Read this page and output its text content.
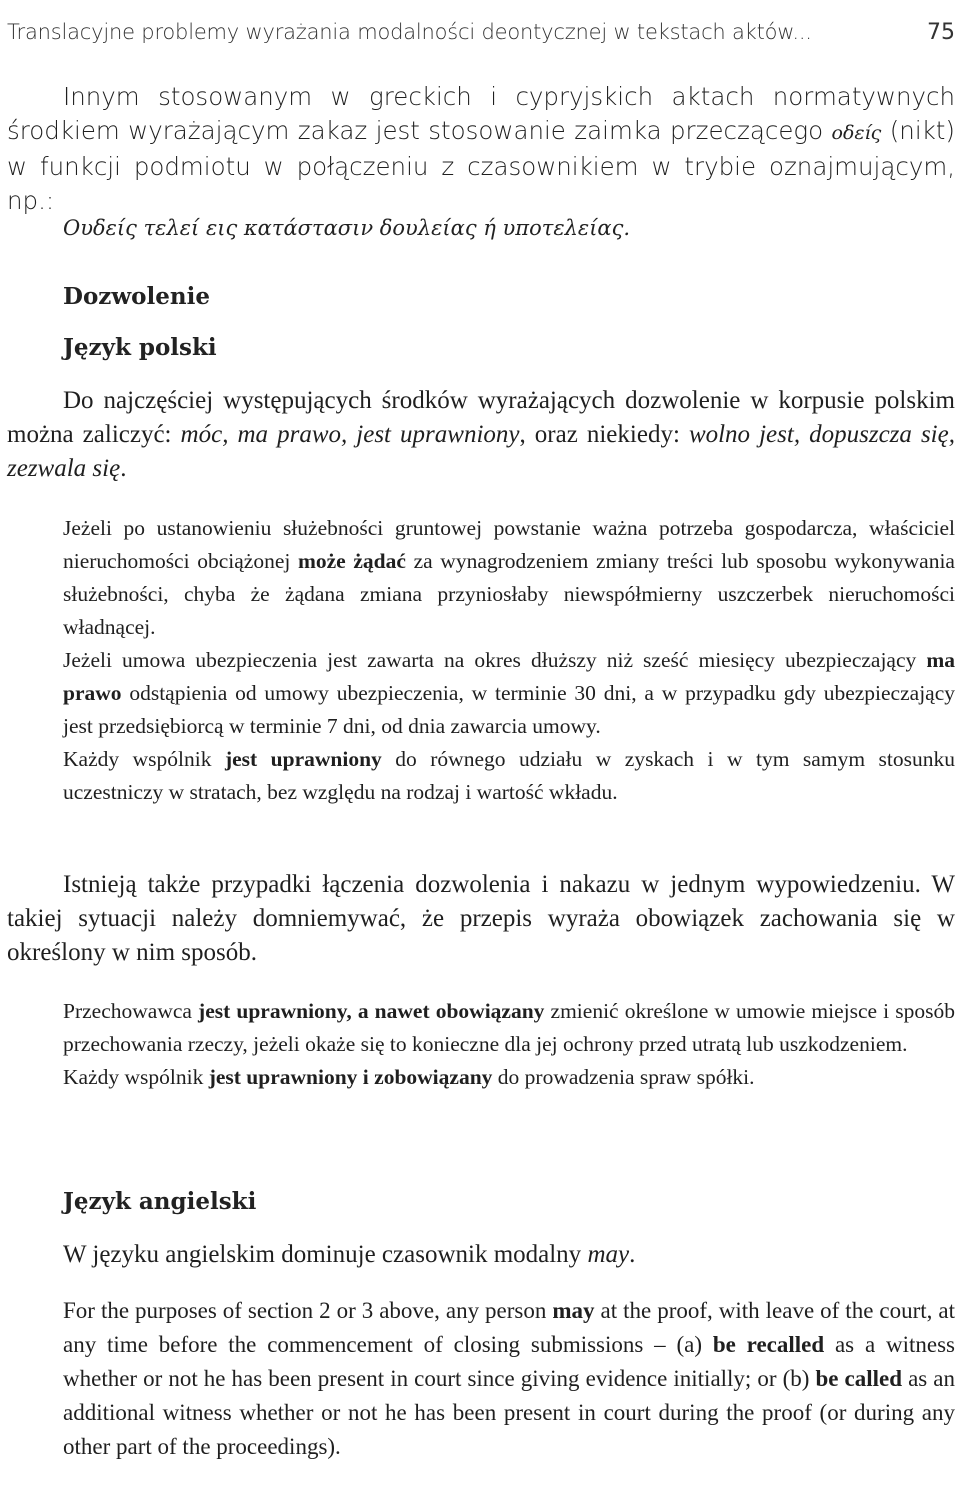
Translacyjne problemy wyrażania modalności deontycznej w tekstach aktów...	75
Innym stosowanym w greckich i cypryjskich aktach normatywnych środkiem wyrażającym zakaz jest stosowanie zaimka przeczącego οδεíς (nikt) w funkcji podmiotu w połączeniu z czasownikiem w trybie oznajmującym, np.:
Ουδείς τελεί εις κατάστασιν δουλείας ή υποτελείας.
Dozwolenie
Język polski
Do najczęściej występujących środków wyrażających dozwolenie w korpusie polskim można zaliczyć: móc, ma prawo, jest uprawniony, oraz niekiedy: wolno jest, dopuszcza się, zezwala się.
Jeżeli po ustanowieniu służebności gruntowej powstanie ważna potrzeba gospodarcza, właściciel nieruchomości obciążonej może żądać za wynagrodzeniem zmiany treści lub sposobu wykonywania służebności, chyba że żądana zmiana przyniosłaby niewspółmierny uszczerbek nieruchomości władnącej.
Jeżeli umowa ubezpieczenia jest zawarta na okres dłuższy niż sześć miesięcy ubezpieczający ma prawo odstąpienia od umowy ubezpieczenia, w terminie 30 dni, a w przypadku gdy ubezpieczający jest przedsiębiorcą w terminie 7 dni, od dnia zawarcia umowy.
Każdy wspólnik jest uprawniony do równego udziału w zyskach i w tym samym stosunku uczestniczy w stratach, bez względu na rodzaj i wartość wkładu.
Istnieją także przypadki łączenia dozwolenia i nakazu w jednym wypowiedzeniu. W takiej sytuacji należy domniemywać, że przepis wyraża obowiązek zachowania się w określony w nim sposób.
Przechowawca jest uprawniony, a nawet obowiązany zmienić określone w umowie miejsce i sposób przechowania rzeczy, jeżeli okaże się to konieczne dla jej ochrony przed utratą lub uszkodzeniem.
Każdy wspólnik jest uprawniony i zobowiązany do prowadzenia spraw spółki.
Język angielski
W języku angielskim dominuje czasownik modalny may.
For the purposes of section 2 or 3 above, any person may at the proof, with leave of the court, at any time before the commencement of closing submissions – (a) be recalled as a witness whether or not he has been present in court since giving evidence initially; or (b) be called as an additional witness whether or not he has been present in court during the proof (or during any other part of the proceedings).
